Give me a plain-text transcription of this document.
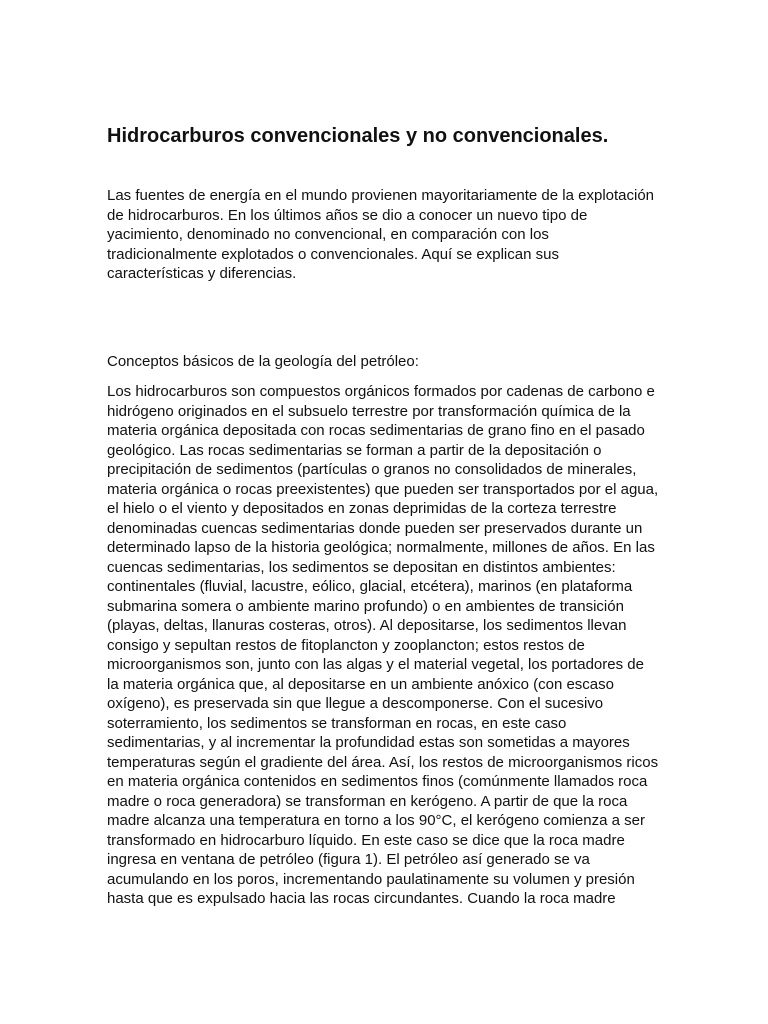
Hidrocarburos convencionales y no convencionales.

Las fuentes de energía en el mundo provienen mayoritariamente de la explotación
de hidrocarburos. En los últimos años se dio a conocer un nuevo tipo de
yacimiento, denominado no convencional, en comparación con los
tradicionalmente explotados o convencionales. Aquí se explican sus
características y diferencias.

Conceptos básicos de la geología del petróleo:

Los hidrocarburos son compuestos orgánicos formados por cadenas de carbono e
hidrógeno originados en el subsuelo terrestre por transformación química de la
materia orgánica depositada con rocas sedimentarias de grano fino en el pasado
geológico. Las rocas sedimentarias se forman a partir de la depositación o
precipitación de sedimentos (partículas o granos no consolidados de minerales,
materia orgánica o rocas preexistentes) que pueden ser transportados por el agua,
el hielo o el viento y depositados en zonas deprimidas de la corteza terrestre
denominadas cuencas sedimentarias donde pueden ser preservados durante un
determinado lapso de la historia geológica; normalmente, millones de años. En las
cuencas sedimentarias, los sedimentos se depositan en distintos ambientes:
continentales (fluvial, lacustre, eólico, glacial, etcétera), marinos (en plataforma
submarina somera o ambiente marino profundo) o en ambientes de transición
(playas, deltas, llanuras costeras, otros). Al depositarse, los sedimentos llevan
consigo y sepultan restos de fitoplancton y zooplancton; estos restos de
microorganismos son, junto con las algas y el material vegetal, los portadores de
la materia orgánica que, al depositarse en un ambiente anóxico (con escaso
oxígeno), es preservada sin que llegue a descomponerse. Con el sucesivo
soterramiento, los sedimentos se transforman en rocas, en este caso
sedimentarias, y al incrementar la profundidad estas son sometidas a mayores
temperaturas según el gradiente del área. Así, los restos de microorganismos ricos
en materia orgánica contenidos en sedimentos finos (comúnmente llamados roca
madre o roca generadora) se transforman en kerógeno. A partir de que la roca
madre alcanza una temperatura en torno a los 90°C, el kerógeno comienza a ser
transformado en hidrocarburo líquido. En este caso se dice que la roca madre
ingresa en ventana de petróleo (figura 1). El petróleo así generado se va
acumulando en los poros, incrementando paulatinamente su volumen y presión
hasta que es expulsado hacia las rocas circundantes. Cuando la roca madre
